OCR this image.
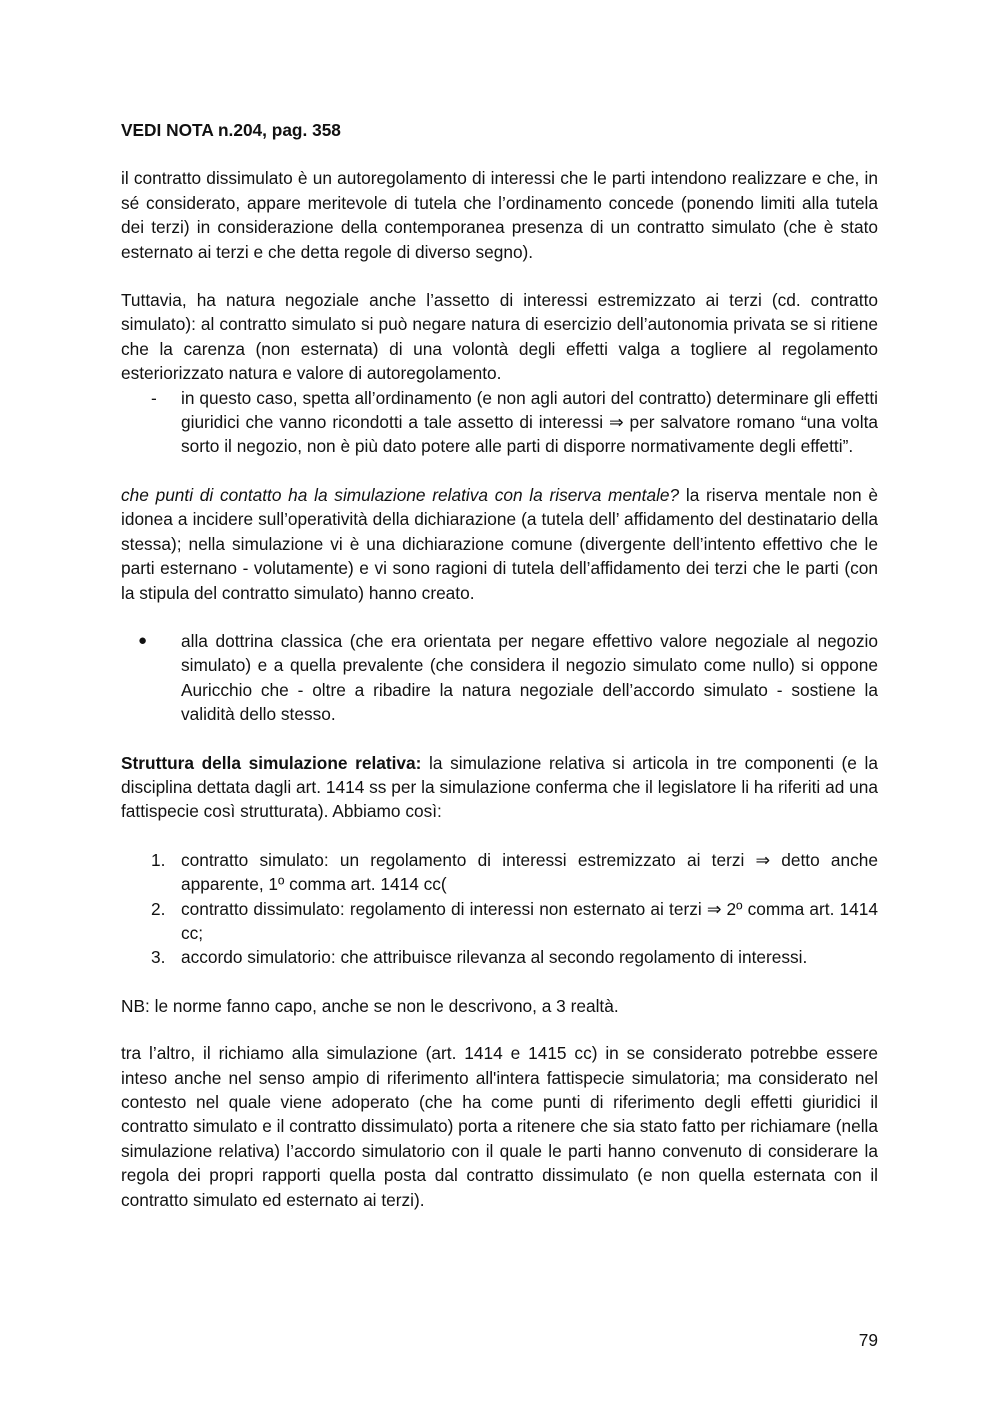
VEDI NOTA n.204, pag. 358

il contratto dissimulato è un autoregolamento di interessi che le parti intendono realizzare e che, in sé considerato, appare meritevole di tutela che l’ordinamento concede (ponendo limiti alla tutela dei terzi) in considerazione della contemporanea presenza di un contratto simulato (che è stato esternato ai terzi e che detta regole di diverso segno).

Tuttavia, ha natura negoziale anche l’assetto di interessi estremizzato ai terzi (cd. contratto simulato): al contratto simulato si può negare natura di esercizio dell’autonomia privata se si ritiene che la carenza (non esternata) di una volontà degli effetti valga a togliere al regolamento esteriorizzato natura e valore di autoregolamento.

-	in questo caso, spetta all’ordinamento (e non agli autori del contratto) determinare gli effetti giuridici che vanno ricondotti a tale assetto di interessi ⇒ per salvatore romano “una volta sorto il negozio, non è più dato potere alle parti di disporre normativamente degli effetti”.

che punti di contatto ha la simulazione relativa con la riserva mentale? la riserva mentale non è idonea a incidere sull’operatività della dichiarazione (a tutela dell’ affidamento del destinatario della stessa); nella simulazione vi è una dichiarazione comune (divergente dell’intento effettivo che le parti esternano - volutamente) e vi sono ragioni di tutela dell’affidamento dei terzi che le parti (con la stipula del contratto simulato) hanno creato.

●	alla dottrina classica (che era orientata per negare effettivo valore negoziale al negozio simulato) e a quella prevalente (che considera il negozio simulato come nullo) si oppone Auricchio che - oltre a ribadire la natura negoziale dell’accordo simulato - sostiene la validità dello stesso.

Struttura della simulazione relativa: la simulazione relativa si articola in tre componenti (e la disciplina dettata dagli art. 1414 ss per la simulazione conferma che il legislatore li ha riferiti ad una fattispecie così strutturata). Abbiamo così:

1. contratto simulato: un regolamento di interessi estremizzato ai terzi ⇒ detto anche apparente, 1º comma art. 1414 cc(
2. contratto dissimulato: regolamento di interessi non esternato ai terzi ⇒ 2º comma art. 1414 cc;
3. accordo simulatorio: che attribuisce rilevanza al secondo regolamento di interessi.

NB: le norme fanno capo, anche se non le descrivono, a 3 realtà.

tra l’altro, il richiamo alla simulazione (art. 1414 e 1415 cc) in se considerato potrebbe essere inteso anche nel senso ampio di riferimento all'intera fattispecie simulatoria; ma considerato nel contesto nel quale viene adoperato (che ha come punti di riferimento degli effetti giuridici il contratto simulato e il contratto dissimulato) porta a ritenere che sia stato fatto per richiamare (nella simulazione relativa) l’accordo simulatorio con il quale le parti hanno convenuto di considerare la regola dei propri rapporti quella posta dal contratto dissimulato (e non quella esternata con il contratto simulato ed esternato ai terzi).

79
